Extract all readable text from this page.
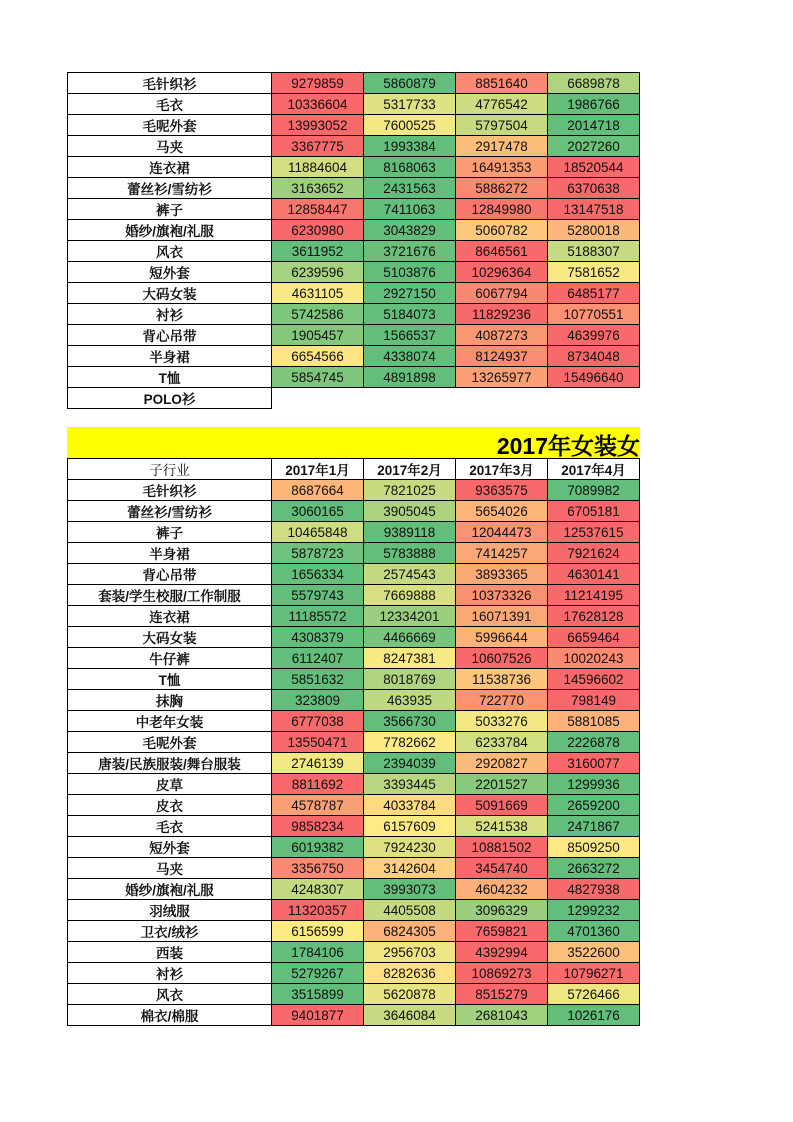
毛针织衫	9279859	5860879	8851640	6689878
毛衣	10336604	5317733	4776542	1986766
毛呢外套	13993052	7600525	5797504	2014718
马夹	3367775	1993384	2917478	2027260
连衣裙	11884604	8168063	16491353	18520544
蕾丝衫/雪纺衫	3163652	2431563	5886272	6370638
裤子	12858447	7411063	12849980	13147518
婚纱/旗袍/礼服	6230980	3043829	5060782	5280018
风衣	3611952	3721676	8646561	5188307
短外套	6239596	5103876	10296364	7581652
大码女装	4631105	2927150	6067794	6485177
衬衫	5742586	5184073	11829236	10770551
背心吊带	1905457	1566537	4087273	4639976
半身裙	6654566	4338074	8124937	8734048
T恤	5854745	4891898	13265977	15496640
POLO衫				
2017年女装女
子行业	2017年1月	2017年2月	2017年3月	2017年4月
毛针织衫	8687664	7821025	9363575	7089982
蕾丝衫/雪纺衫	3060165	3905045	5654026	6705181
裤子	10465848	9389118	12044473	12537615
半身裙	5878723	5783888	7414257	7921624
背心吊带	1656334	2574543	3893365	4630141
套装/学生校服/工作制服	5579743	7669888	10373326	11214195
连衣裙	11185572	12334201	16071391	17628128
大码女装	4308379	4466669	5996644	6659464
牛仔裤	6112407	8247381	10607526	10020243
T恤	5851632	8018769	11538736	14596602
抹胸	323809	463935	722770	798149
中老年女装	6777038	3566730	5033276	5881085
毛呢外套	13550471	7782662	6233784	2226878
唐装/民族服装/舞台服装	2746139	2394039	2920827	3160077
皮草	8811692	3393445	2201527	1299936
皮衣	4578787	4033784	5091669	2659200
毛衣	9858234	6157609	5241538	2471867
短外套	6019382	7924230	10881502	8509250
马夹	3356750	3142604	3454740	2663272
婚纱/旗袍/礼服	4248307	3993073	4604232	4827938
羽绒服	11320357	4405508	3096329	1299232
卫衣/绒衫	6156599	6824305	7659821	4701360
西装	1784106	2956703	4392994	3522600
衬衫	5279267	8282636	10869273	10796271
风衣	3515899	5620878	8515279	5726466
棉衣/棉服	9401877	3646084	2681043	1026176
